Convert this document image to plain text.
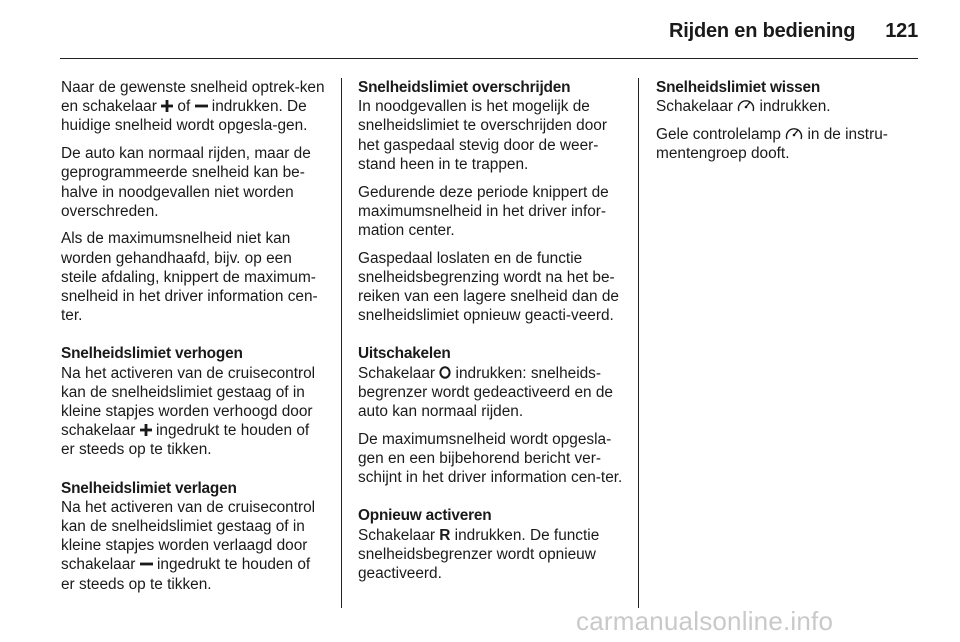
Rijden en bediening 121

Naar de gewenste snelheid optrek-ken en schakelaar  of  indrukken. De huidige snelheid wordt opgesla-gen.

De auto kan normaal rijden, maar de geprogrammeerde snelheid kan be-halve in noodgevallen niet worden overschreden.

Als de maximumsnelheid niet kan worden gehandhaafd, bijv. op een steile afdaling, knippert de maximum-snelheid in het driver information cen-ter.

Snelheidslimiet verhogen

Na het activeren van de cruisecontrol kan de snelheidslimiet gestaag of in kleine stapjes worden verhoogd door schakelaar  ingedrukt te houden of er steeds op te tikken.

Snelheidslimiet verlagen

Na het activeren van de cruisecontrol kan de snelheidslimiet gestaag of in kleine stapjes worden verlaagd door schakelaar  ingedrukt te houden of er steeds op te tikken.

Snelheidslimiet overschrijden

In noodgevallen is het mogelijk de snelheidslimiet te overschrijden door het gaspedaal stevig door de weer-stand heen in te trappen.

Gedurende deze periode knippert de maximumsnelheid in het driver infor-mation center.

Gaspedaal loslaten en de functie snelheidsbegrenzing wordt na het be-reiken van een lagere snelheid dan de snelheidslimiet opnieuw geacti-veerd.

Uitschakelen

Schakelaar  indrukken: snelheids-begrenzer wordt gedeactiveerd en de auto kan normaal rijden.

De maximumsnelheid wordt opgesla-gen en een bijbehorend bericht ver-schijnt in het driver information cen-ter.

Opnieuw activeren

Schakelaar R indrukken. De functie snelheidsbegrenzer wordt opnieuw geactiveerd.

Snelheidslimiet wissen

Schakelaar  indrukken.

Gele controlelamp  in de instru-mentengroep dooft.

carmanualsonline.info
